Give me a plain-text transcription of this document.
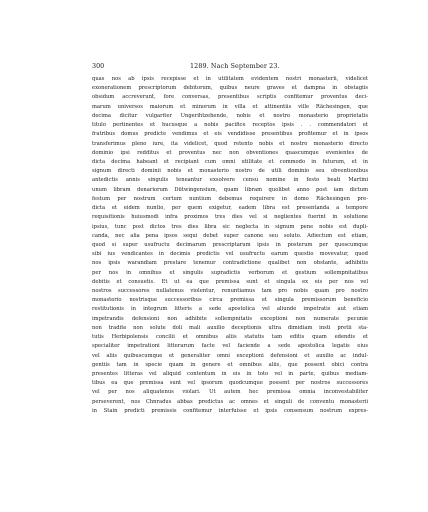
300	1289. Nach September 23.
quas nos ab ipsis recepisse et in utilitatem evidentem nostri monasterii, videlicet
exonerationem prescriptorum debitorum, quibus neure graves et dampna in obstagiis
obsidum accreverunt, fore conversas, presentibus scriptis confitemur proventus deci-
marum universos maiorum et minorum in villa et attinentiis ville Rächesingen, que
decima dicitur vulgariter Ungerihtzehende, nobis et nostro monasterio proprietatis
titulo pertinentes et hucusque a nobis pacifice receptos ipsis . . commendatori et
fratribus domus predicte vendimus et eis vendidisse presentibus profitemur et in ipsos
transferimus pleno iure, ita videlicet, quod retento nobis et nostro monasterio directo
dominio ipsi redditus et proventus nec non obventiones quascumque evenientes de
dicta decima habeant et recipiant cum omni utilitate et commodo in futurum, et in
signum directi dominii nobis et monasterio nostro de utili dominio seu obventionibus
antedictis annis singulis teneantur exsolvere censu nomine in festo beati Martini
unum libram denariorum Dütwingensium, quam libram quolibet anno post iam dictum
festum per nostrum certum nuntium debemus requirere in domo Rächesingen pre-
dicta et eidem nuntio, per quem exigetur, eadem libra est presentanda a tempore
requisitionis huiusmodi infra proximos tres dies vel si neglientes fuerint in solutione
ipsius, tunc post dictos tres dies libra sic neglecta in signum pene nobis est dupli-
canda, nec alia pena ipsos sequi debet super canone seu soluto. Adiectum est etiam,
quod si super usufructu decimarum prescriptarum ipsis in posterum per quoscumque
sibi ius vendicantes in decimis predictis vel usufructu earum questio movevatur, quod
nos ipsis warandiam prestare tenemur contradictione qualibet non obstante, adhibitis
per nos in omnibus et singulis supradictis verborum et gestium sollempnitatibus
debitis et consuetis. Et ut ea que premissa sunt et singula ex eis per nos vel
nostros successores nullatenus violentur, renuntiamus tam pro nobis quam pro nostro
monasterio nostrisque successoribus circa premissa et singula premissorum beneficio
restitutionis in integrum litteris a sede apostolica vel aliunde impetratis aut etiam
impetrandis defensioni non adhibite sollempnitatis exceptioni non numerate pecunie
non tradite non solute doli mali auxilio deceptionis ultra dimidiam insti pretii sta-
tutis Herbipolensis concilii et omnibus aliis statutis tam editis quam edendis et
specialiter impetrationi litterarum facte vel faciende a sede apostolica legatis eius
vel aliis quibuscumque et generaliter omni exceptioni defensioni et auxilio ac indul-
gentiis tam in specie quam in genere et omnibus aliis, que possent obici contra
presentes litteras vel aliquid contentum in eis in toto vel in parte, quibus mediam-
tibus ea que premissa sunt vel ipsorum quodcumque possent per nostros successores
vel per nos aliquatenus violari. Ut autem hec premissa omnia inconvestabiliter
perseverent, nos Chnradus abbas predictus ac omnes et singuli de conventu monasterii
in Stain predicti premissis confitemur interfuisse et ipsis consensum nostrum expres-
